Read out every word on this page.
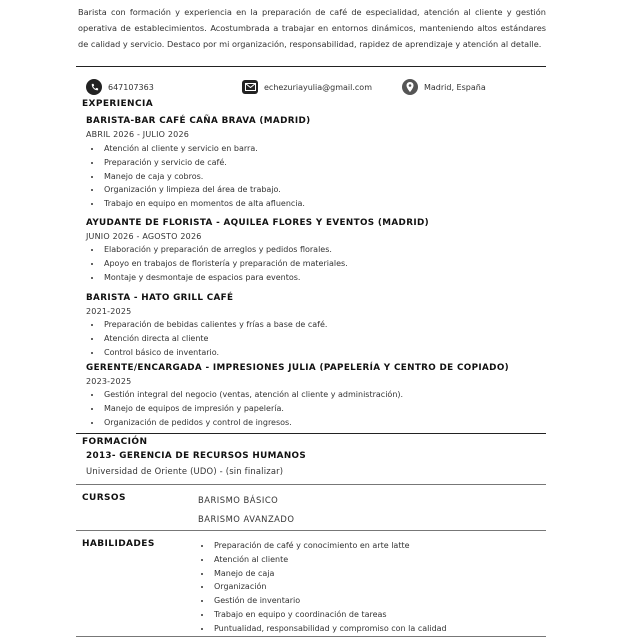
Barista con formación y experiencia en la preparación de café de especialidad, atención al cliente y gestión operativa de establecimientos. Acostumbrada a trabajar en entornos dinámicos, manteniendo altos estándares de calidad y servicio. Destaco por mi organización, responsabilidad, rapidez de aprendizaje y atención al detalle.
647107363	echezuriayulia@gmail.com	Madrid, España
EXPERIENCIA
BARISTA-BAR CAFÉ CAÑA BRAVA (MADRID)
ABRIL 2026 - JULIO 2026
• Atención al cliente y servicio en barra.
• Preparación y servicio de café.
• Manejo de caja y cobros.
• Organización y limpieza del área de trabajo.
• Trabajo en equipo en momentos de alta afluencia.
AYUDANTE DE FLORISTA - AQUILEA FLORES Y EVENTOS (MADRID)
JUNIO 2026 - AGOSTO 2026
• Elaboración y preparación de arreglos y pedidos florales.
• Apoyo en trabajos de floristería y preparación de materiales.
• Montaje y desmontaje de espacios para eventos.
BARISTA - HATO GRILL CAFÉ
2021-2025
• Preparación de bebidas calientes y frías a base de café.
• Atención directa al cliente
• Control básico de inventario.
GERENTE/ENCARGADA - IMPRESIONES JULIA (PAPELERÍA Y CENTRO DE COPIADO)
2023-2025
• Gestión integral del negocio (ventas, atención al cliente y administración).
• Manejo de equipos de impresión y papelería.
• Organización de pedidos y control de ingresos.
FORMACIÓN
2013- GERENCIA DE RECURSOS HUMANOS
Universidad de Oriente (UDO) - (sin finalizar)
CURSOS	BARISMO BÁSICO
BARISMO AVANZADO
HABILIDADES
•	Preparación de café y conocimiento en arte latte
• Atención al cliente
• Manejo de caja
• Organización
• Gestión de inventario
• Trabajo en equipo y coordinación de tareas
• Puntualidad, responsabilidad y compromiso con la calidad
